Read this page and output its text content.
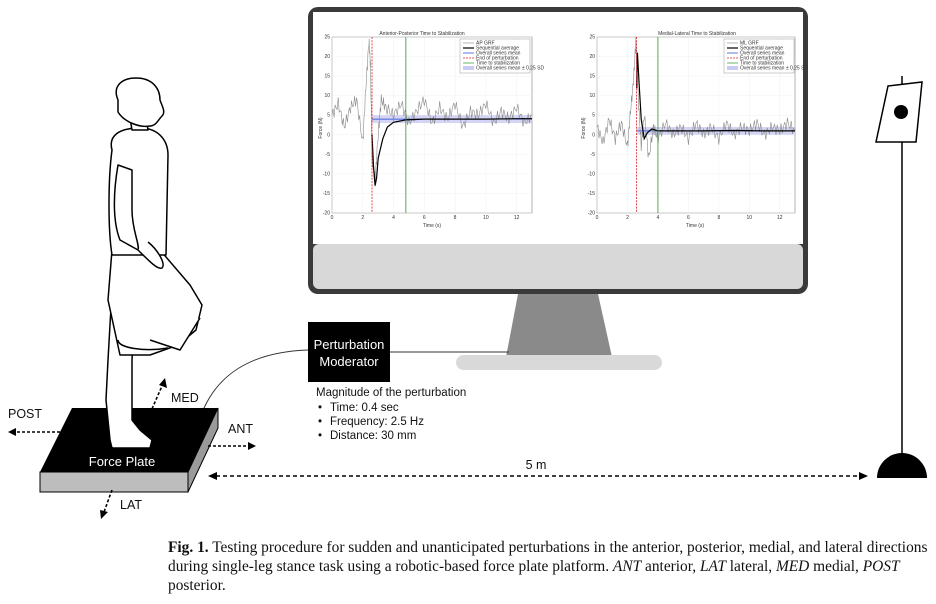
Anterior-Posterior Time to Stabilization
25
20
15
10
5
0
-5
-10
-15
-20
0	2	4	6	8	10	12
Force (N)
Time (s)
AP GRF
Sequential average
Overall series mean
End of perturbation
Time to stabilization
Overall series mean ± 0.25 SD
Medial-Lateral Time to Stabilization
25
20
15
10
5
0
-5
-10
-15
-20
0	2	4	6	8	10	12
Force (N)
Time (s)
ML GRF
Sequential average
Overall series mean
End of perturbation
Time to stabilization
Overall series mean ± 0.25 SD
Perturbation
Moderator
Force Plate
POST
ANT
MED
LAT
5 m
Magnitude of the perturbation
• Time: 0.4 sec
• Frequency: 2.5 Hz
• Distance: 30 mm
Fig. 1. Testing procedure for sudden and unanticipated perturbations in the anterior, posterior, medial, and lateral directions during single-leg stance task using a robotic-based force plate platform. ANT anterior, LAT lateral, MED medial, POST posterior.
